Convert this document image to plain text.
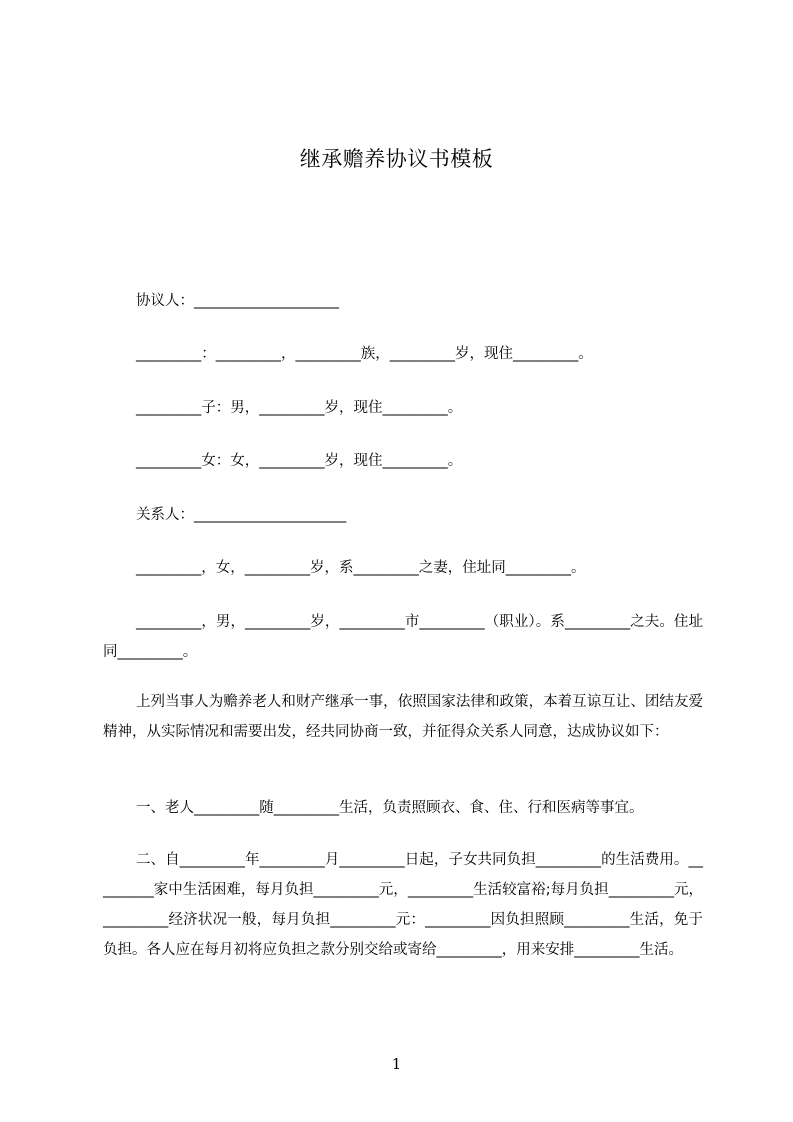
继承赡养协议书模板
协议人：____________________
_________：_________，_________族，_________岁，现住_________。
_________子：男，_________岁，现住_________。
_________女：女，_________岁，现住_________。
关系人：_____________________
_________，女，_________岁，系_________之妻，住址同_________。
_________，男，_________岁，_________市_________（职业）。系_________之夫。住址同_________。
上列当事人为赡养老人和财产继承一事，依照国家法律和政策，本着互谅互让、团结友爱精神，从实际情况和需要出发，经共同协商一致，并征得众关系人同意，达成协议如下：
一、老人_________随_________生活，负责照顾衣、食、住、行和医病等事宜。
二、自_________年_________月_________日起，子女共同负担_________的生活费用。_________家中生活困难，每月负担_________元，_________生活较富裕;每月负担_________元，_________经济状况一般，每月负担_________元：_________因负担照顾_________生活，免于负担。各人应在每月初将应负担之款分别交给或寄给_________，用来安排_________生活。
1
